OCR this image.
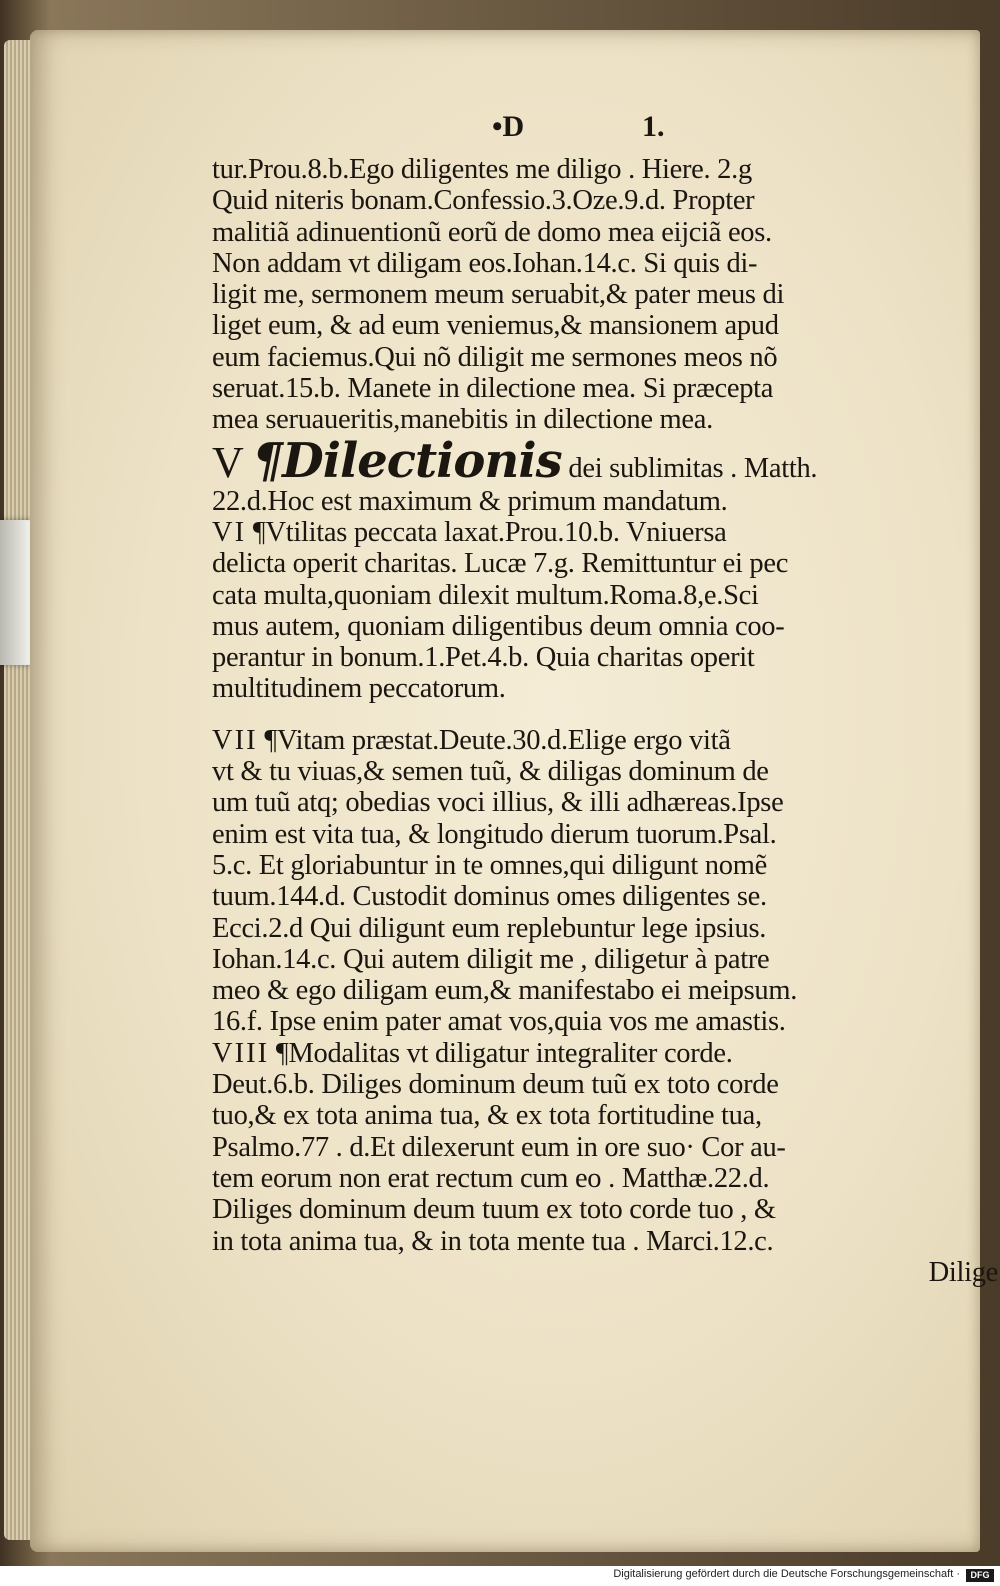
•D	1.
tur.Prou.8.b.Ego diligentes me diligo . Hiere. 2.g
Quid niteris bonam.Confessio.3.Oze.9.d. Propter
malitiã adinuentionũ eorũ de domo mea eijciã eos.
Non addam vt diligam eos.Iohan.14.c. Si quis di-
ligit me, sermonem meum seruabit,& pater meus di
liget eum, & ad eum veniemus,& mansionem apud
eum faciemus.Qui nõ diligit me sermones meos nõ
seruat.15.b. Manete in dilectione mea. Si præcepta
mea seruaueritis,manebitis in dilectione mea.
V ¶Dilectionis dei sublimitas . Matth.
22.d.Hoc est maximum & primum mandatum.
VI ¶Vtilitas peccata laxat.Prou.10.b. Vniuersa
delicta operit charitas. Lucæ 7.g. Remittuntur ei pec
cata multa,quoniam dilexit multum.Roma.8,e.Sci
mus autem, quoniam diligentibus deum omnia coo-
perantur in bonum.1.Pet.4.b. Quia charitas operit
multitudinem peccatorum.
VII ¶Vitam præstat.Deute.30.d.Elige ergo vitã
vt & tu viuas,& semen tuũ, & diligas dominum de
um tuũ atq; obedias voci illius, & illi adhæreas.Ipse
enim est vita tua, & longitudo dierum tuorum.Psal.
5.c. Et gloriabuntur in te omnes,qui diligunt nomẽ
tuum.144.d. Custodit dominus omes diligentes se.
Ecci.2.d Qui diligunt eum replebuntur lege ipsius.
Iohan.14.c. Qui autem diligit me , diligetur à patre
meo & ego diligam eum,& manifestabo ei meipsum.
16.f. Ipse enim pater amat vos,quia vos me amastis.
VIII ¶Modalitas vt diligatur integraliter corde.
Deut.6.b. Diliges dominum deum tuũ ex toto corde
tuo,& ex tota anima tua, & ex tota fortitudine tua,
Psalmo.77 . d.Et dilexerunt eum in ore suo· Cor au-
tem eorum non erat rectum cum eo . Matthæ.22.d.
Diliges dominum deum tuum ex toto corde tuo , &
in tota anima tua, & in tota mente tua . Marci.12.c.
Dilige
Digitalisierung gefördert durch die Deutsche Forschungsgemeinschaft ·	DFG
